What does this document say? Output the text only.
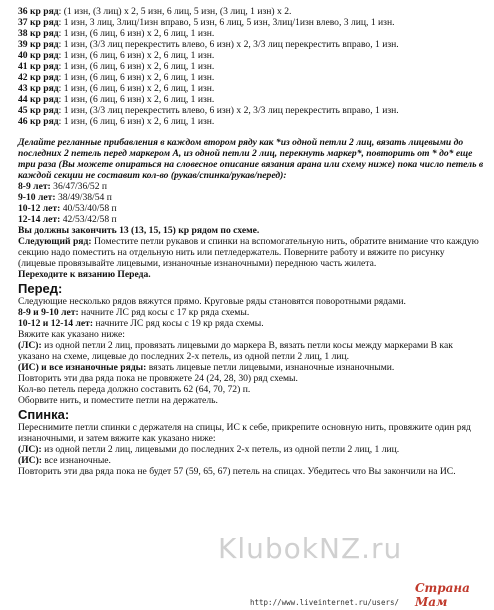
36 кр ряд: (1 изн, (3 лиц) x 2, 5 изн, 6 лиц, 5 изн, (3 лиц, 1 изн) x 2.
37 кр ряд: 1 изн, 3 лиц, 3лиц/1изн вправо, 5 изн, 6 лиц, 5 изн, 3лиц/1изн влево, 3 лиц, 1 изн.
38 кр ряд: 1 изн, (6 лиц, 6 изн) x 2, 6 лиц, 1 изн.
39 кр ряд: 1 изн, (3/3 лиц перекрестить влево, 6 изн) x 2, 3/3 лиц перекрестить вправо, 1 изн.
40 кр ряд: 1 изн, (6 лиц, 6 изн) x 2, 6 лиц, 1 изн.
41 кр ряд: 1 изн, (6 лиц, 6 изн) x 2, 6 лиц, 1 изн.
42 кр ряд: 1 изн, (6 лиц, 6 изн) x 2, 6 лиц, 1 изн.
43 кр ряд: 1 изн, (6 лиц, 6 изн) x 2, 6 лиц, 1 изн.
44 кр ряд: 1 изн, (6 лиц, 6 изн) x 2, 6 лиц, 1 изн.
45 кр ряд: 1 изн, (3/3 лиц перекрестить влево, 6 изн) x 2, 3/3 лиц перекрестить вправо, 1 изн.
46 кр ряд: 1 изн, (6 лиц, 6 изн) x 2, 6 лиц, 1 изн.
Делайте регланные прибавления в каждом втором ряду как *из одной петли 2 лиц, вязать лицевыми до последних 2 петель перед маркером А, из одной петли 2 лиц, перекнуть маркер*, повторить от * до* еще три раза (Вы можете опираться на словесное описание вязания арана или схему ниже) пока число петель в каждой секции не составит кол-во (рукав/спинка/рукав/перед):
8-9 лет: 36/47/36/52 п
9-10 лет: 38/49/38/54 п
10-12 лет: 40/53/40/58 п
12-14 лет: 42/53/42/58 п
Вы должны закончить 13 (13, 15, 15) кр рядом по схеме.
Следующий ряд: Поместите петли рукавов и спинки на вспомогательную нить, обратите внимание что каждую секцию надо поместить на отдельную нить или петледержатель. Поверните работу и вяжите по рисунку (лицевые провязывайте лицевыми, изнаночные изнаночными) переднюю часть жилета.
Переходите к вязанию Переда.
Перед:
Следующие несколько рядов вяжутся прямо. Круговые ряды становятся поворотными рядами.
8-9 и 9-10 лет: начните ЛС ряд косы с 17 кр ряда схемы.
10-12 и 12-14 лет: начните ЛС ряд косы с 19 кр ряда схемы.
Вяжите как указано ниже:
(ЛС): из одной петли 2 лиц, провязать лицевыми до маркера В, вязать петли косы между маркерами В как указано на схеме, лицевые до последних 2-х петель, из одной петли 2 лиц, 1 лиц.
(ИС) и все изнаночные ряды: вязать лицевые петли лицевыми, изнаночные изнаночными.
Повторить эти два ряда пока не провяжете 24 (24, 28, 30) ряд схемы.
Кол-во петель переда должно составить 62 (64, 70, 72) п.
Оборвите нить, и поместите петли на держатель.
Спинка:
Переснимите петли спинки с держателя на спицы, ИС к себе, прикрепите основную нить, провяжите один ряд изнаночными, и затем вяжите как указано ниже:
(ЛС): из одной петли 2 лиц, лицевыми до последних 2-х петель, из одной петли 2 лиц, 1 лиц.
(ИС): все изнаночные.
Повторить эти два ряда пока не будет 57 (59, 65, 67) петель на спицах. Убедитесь что Вы закончили на ИС.
KlubokNZ.ru
http://www.liveinternet.ru/users/
Страна Мам
